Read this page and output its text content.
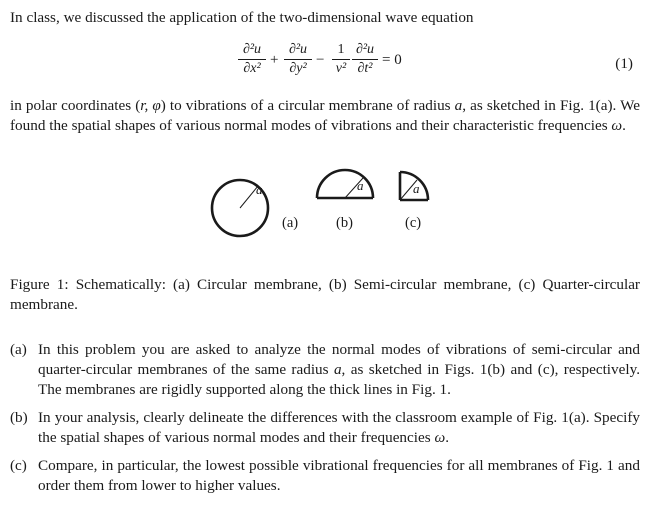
In class, we discussed the application of the two-dimensional wave equation
∂²u
∂x²
+
∂²u
∂y²
−
1
v²
∂²u
∂t²
= 0	(1)
in polar coordinates (r, φ) to vibrations of a circular membrane of radius a, as sketched in Fig. 1(a). We found the spatial shapes of various normal modes of vibrations and their characteristic frequencies ω.
a	a	a
(a)	(b)	(c)
Figure 1: Schematically: (a) Circular membrane, (b) Semi-circular membrane, (c) Quarter-circular membrane.
(a) In this problem you are asked to analyze the normal modes of vibrations of semi-circular and quarter-circular membranes of the same radius a, as sketched in Figs. 1(b) and (c), respectively. The membranes are rigidly supported along the thick lines in Fig. 1.
(b) In your analysis, clearly delineate the differences with the classroom example of Fig. 1(a). Specify the spatial shapes of various normal modes and their frequencies ω.
(c) Compare, in particular, the lowest possible vibrational frequencies for all membranes of Fig. 1 and order them from lower to higher values.
